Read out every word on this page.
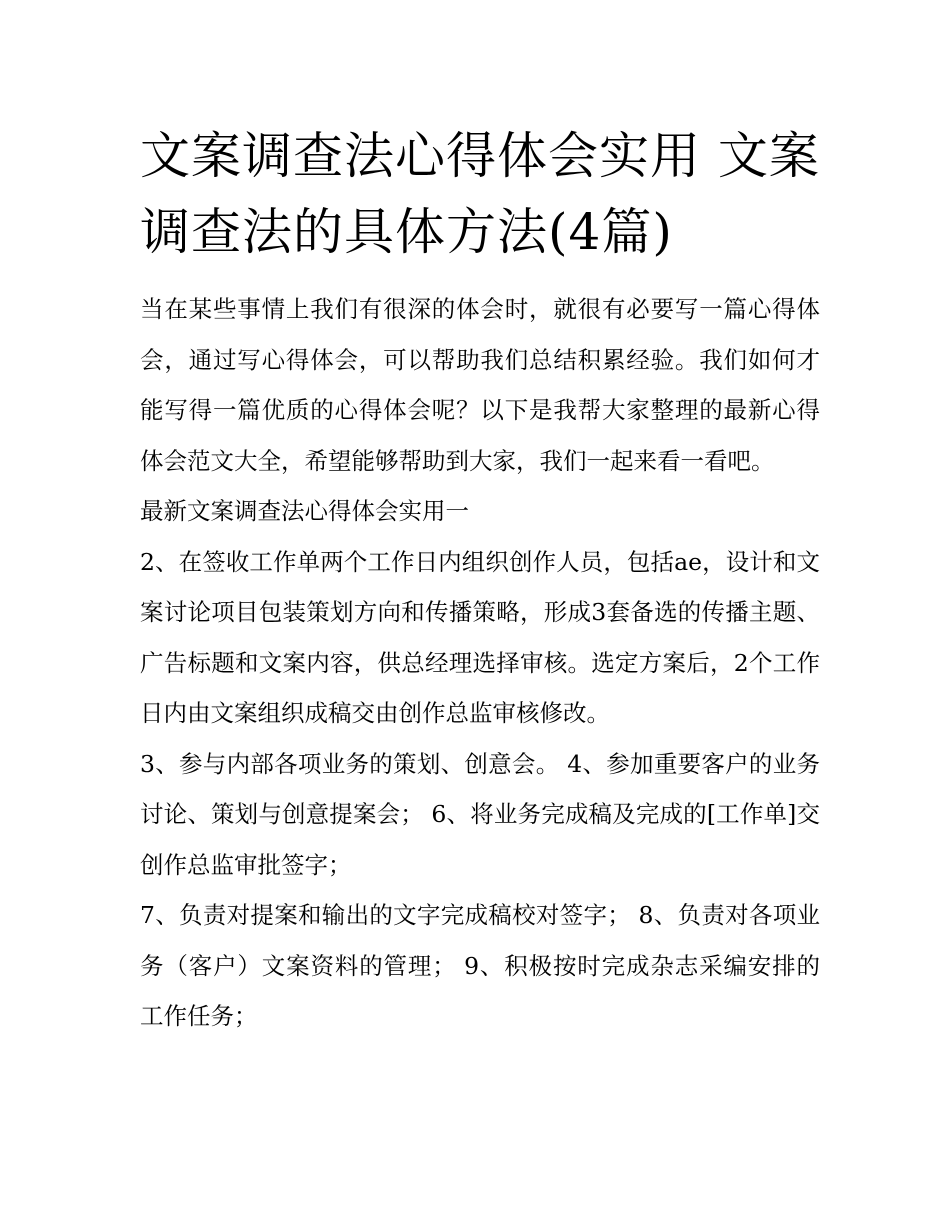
文案调查法心得体会实用 文案调查法的具体方法(4篇)

当在某些事情上我们有很深的体会时，就很有必要写一篇心得体会，通过写心得体会，可以帮助我们总结积累经验。我们如何才能写得一篇优质的心得体会呢？以下是我帮大家整理的最新心得体会范文大全，希望能够帮助到大家，我们一起来看一看吧。

最新文案调查法心得体会实用一

2、在签收工作单两个工作日内组织创作人员，包括ae，设计和文案讨论项目包装策划方向和传播策略，形成3套备选的传播主题、广告标题和文案内容，供总经理选择审核。选定方案后，2个工作日内由文案组织成稿交由创作总监审核修改。

3、参与内部各项业务的策划、创意会。 4、参加重要客户的业务讨论、策划与创意提案会； 6、将业务完成稿及完成的[工作单]交创作总监审批签字；

7、负责对提案和输出的文字完成稿校对签字； 8、负责对各项业务（客户）文案资料的管理； 9、积极按时完成杂志采编安排的工作任务；
